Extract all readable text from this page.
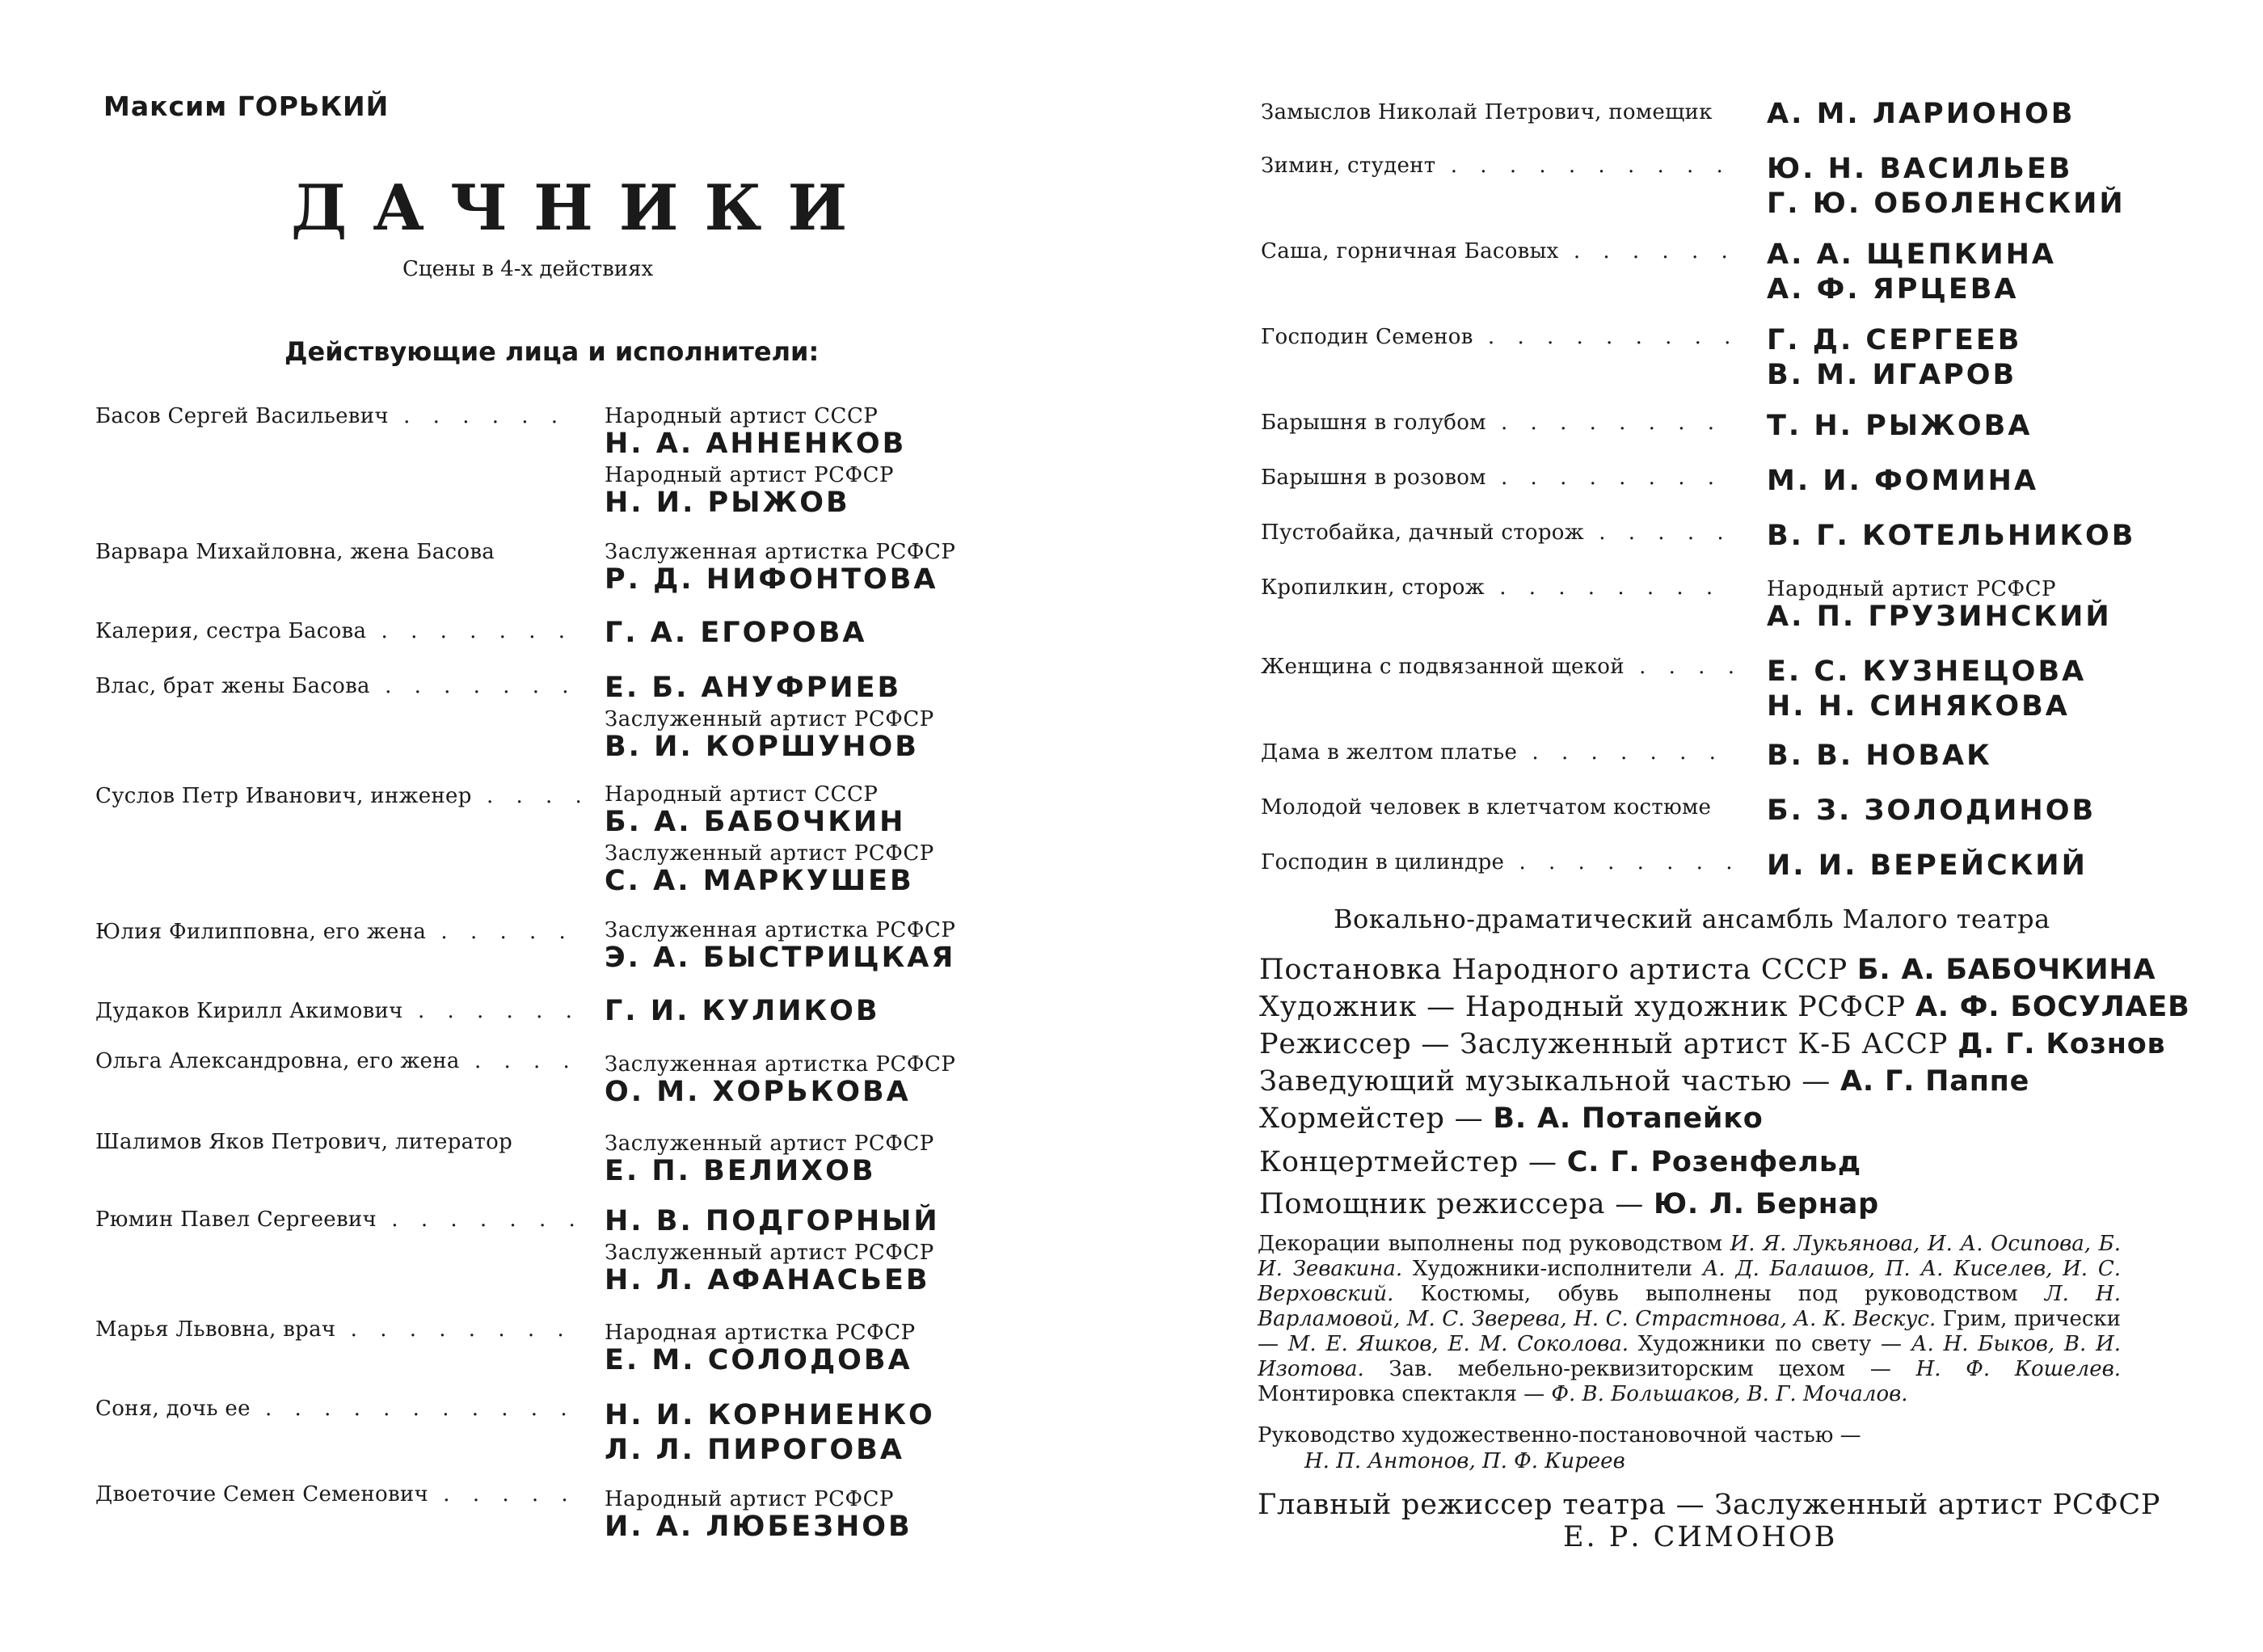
Максим ГОРЬКИЙ
ДАЧНИКИ
Сцены в 4-х действиях
Действующие лица и исполнители:
Басов Сергей Васильевич . . .	Народный артист СССР
Н. А. АННЕНКОВ
Народный артист РСФСР
Н. И. РЫЖОВ
Варвара Михайловна, жена Басова	Заслуженная артистка РСФСР
Р. Д. НИФОНТОВА
Калерия, сестра Басова . . .	Г. А. ЕГОРОВА
Влас, брат жены Басова . . .	Е. Б. АНУФРИЕВ
Заслуженный артист РСФСР
В. И. КОРШУНОВ
Суслов Петр Иванович, инженер . . .	Народный артист СССР
Б. А. БАБОЧКИН
Заслуженный артист РСФСР
С. А. МАРКУШЕВ
Юлия Филипповна, его жена . . .	Заслуженная артистка РСФСР
Э. А. БЫСТРИЦКАЯ
Дудаков Кирилл Акимович . . .	Г. И. КУЛИКОВ
Ольга Александровна, его жена . . .	Заслуженная артистка РСФСР
О. М. ХОРЬКОВА
Шалимов Яков Петрович, литератор	Заслуженный артист РСФСР
Е. П. ВЕЛИХОВ
Рюмин Павел Сергеевич . . .	Н. В. ПОДГОРНЫЙ
Заслуженный артист РСФСР
Н. Л. АФАНАСЬЕВ
Марья Львовна, врач . . .	Народная артистка РСФСР
Е. М. СОЛОДОВА
Соня, дочь ее . . .	Н. И. КОРНИЕНКО
Л. Л. ПИРОГОВА
Двоеточие Семен Семенович . . .	Народный артист РСФСР
И. А. ЛЮБЕЗНОВ
Замыслов Николай Петрович, помещик	А. М. ЛАРИОНОВ
Зимин, студент . . .	Ю. Н. ВАСИЛЬЕВ
Г. Ю. ОБОЛЕНСКИЙ
Саша, горничная Басовых . . .	А. А. ЩЕПКИНА
А. Ф. ЯРЦЕВА
Господин Семенов . . .	Г. Д. СЕРГЕЕВ
В. М. ИГАРОВ
Барышня в голубом . . .	Т. Н. РЫЖОВА
Барышня в розовом . . .	М. И. ФОМИНА
Пустобайка, дачный сторож . . .	В. Г. КОТЕЛЬНИКОВ
Кропилкин, сторож . . .	Народный артист РСФСР
А. П. ГРУЗИНСКИЙ
Женщина с подвязанной щекой . . .	Е. С. КУЗНЕЦОВА
Н. Н. СИНЯКОВА
Дама в желтом платье . . .	В. В. НОВАК
Молодой человек в клетчатом костюме	Б. З. ЗОЛОДИНОВ
Господин в цилиндре . . .	И. И. ВЕРЕЙСКИЙ
Вокально-драматический ансамбль Малого театра
Постановка Народного артиста СССР Б. А. БАБОЧКИНА
Художник — Народный художник РСФСР А. Ф. БОСУЛАЕВ
Режиссер — Заслуженный артист К-Б АССР Д. Г. Кознов
Заведующий музыкальной частью — А. Г. Паппе
Хормейстер — В. А. Потапейко
Концертмейстер — С. Г. Розенфельд
Помощник режиссера — Ю. Л. Бернар
Декорации выполнены под руководством И. Я. Лукьянова, И. А. Осипова, Б. И. Зевакина. Художники-исполнители А. Д. Балашов, П. А. Киселев, И. С. Верховский. Костюмы, обувь выполнены под руководством Л. Н. Варламовой, М. С. Зверева, Н. С. Страстнова, А. К. Вескус. Грим, прически — М. Е. Яшков, Е. М. Соколова. Художники по свету — А. Н. Быков, В. И. Изотова. Зав. мебельно-реквизиторским цехом — Н. Ф. Кошелев. Монтировка спектакля — Ф. В. Большаков, В. Г. Мочалов.
Руководство художественно-постановочной частью —
Н. П. Антонов, П. Ф. Киреев
Главный режиссер театра — Заслуженный артист РСФСР
Е. Р. СИМОНОВ
